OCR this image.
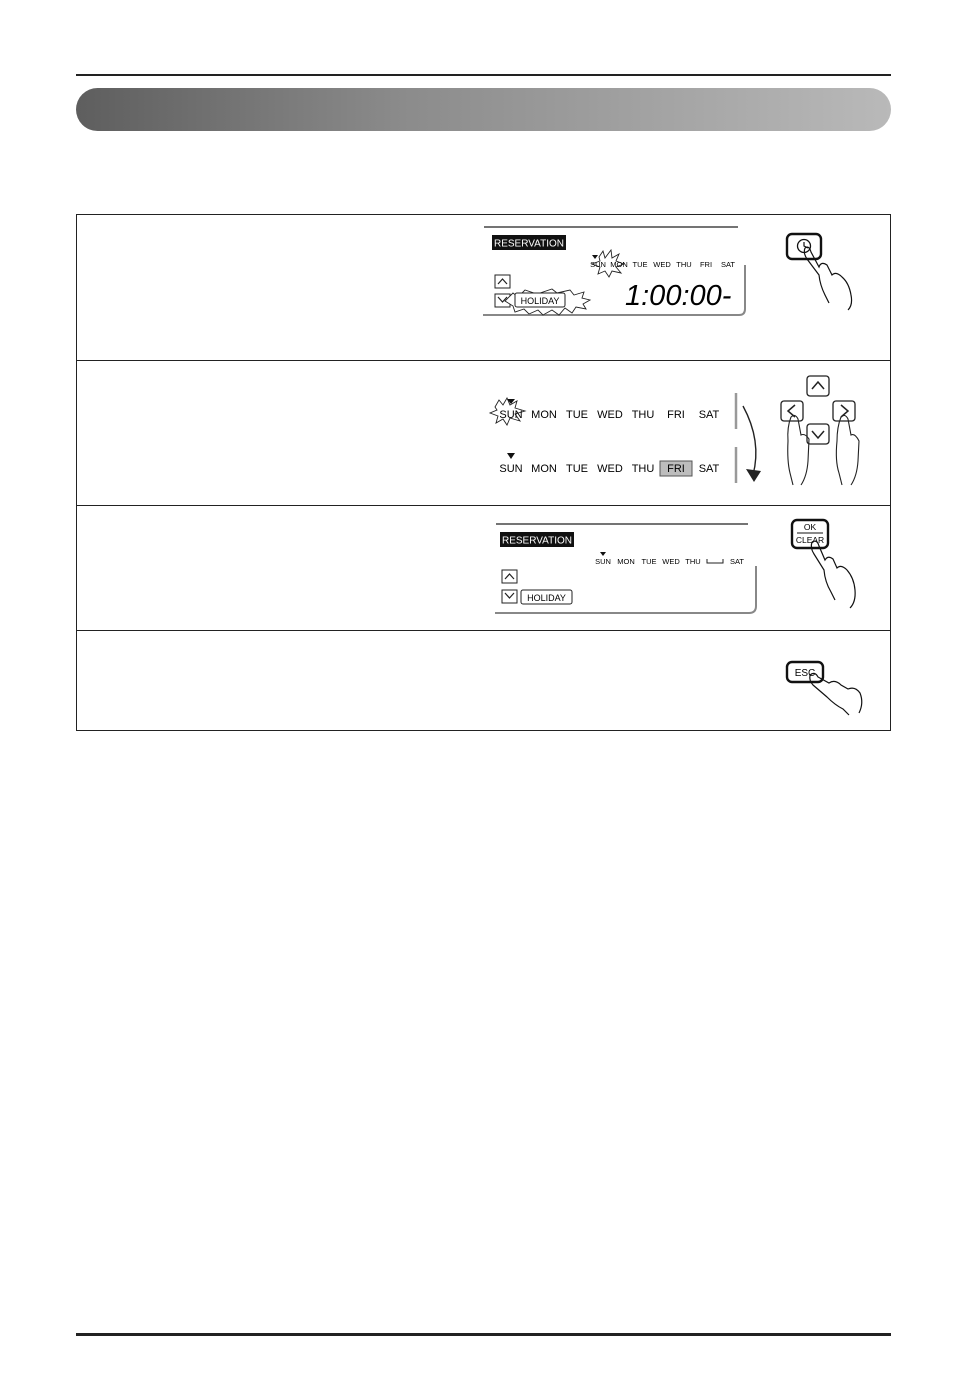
RESERVATION
SUN MON TUE WED THU FRI SAT
HOLIDAY 1:00:00-
SUN MON TUE WED THU FRI SAT
SUN MON TUE WED THU FRI SAT
RESERVATION
SUN MON TUE WED THU	SAT
HOLIDAY
OK
CLEAR
ESC
